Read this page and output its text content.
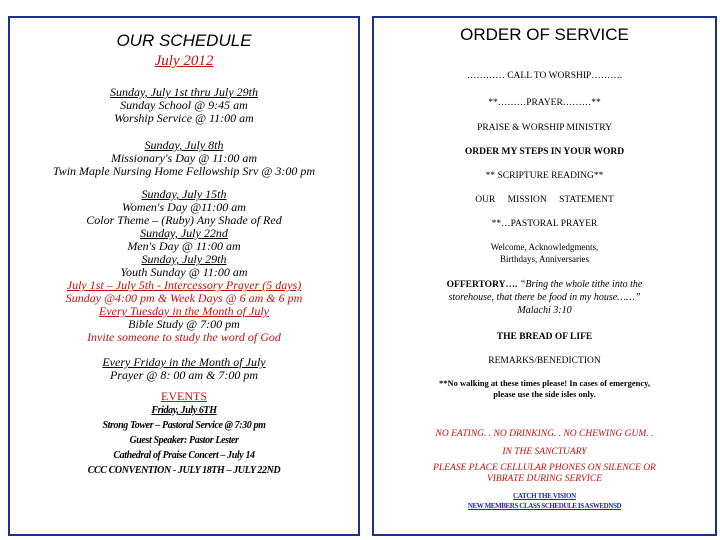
OUR SCHEDULE
July 2012
Sunday, July 1st thru July 29th
Sunday School @ 9:45 am
Worship Service @ 11:00 am
Sunday, July 8th
Missionary's Day @ 11:00 am
Twin Maple Nursing Home Fellowship Srv @ 3:00 pm
Sunday, July 15th
Women's Day @11:00 am
Color Theme – (Ruby) Any Shade of Red
Sunday, July 22nd
Men's Day @ 11:00 am
Sunday, July 29th
Youth Sunday @ 11:00 am
July 1st – July 5th - Intercessory Prayer (5 days)
Sunday @4:00 pm & Week Days @ 6 am & 6 pm
Every Tuesday in the Month of July
Bible Study @ 7:00 pm
Invite someone to study the word of God
Every Friday in the Month of July
Prayer @ 8: 00 am & 7:00 pm
EVENTS
Friday, July 6TH
Strong Tower – Pastoral Service @ 7:30 pm
Guest Speaker: Pastor Lester
Cathedral of Praise Concert – July 14
CCC CONVENTION - JULY 18TH – JULY 22ND
ORDER OF SERVICE
………… CALL TO WORSHIP……….
**………PRAYER………**
PRAISE & WORSHIP MINISTRY
ORDER MY STEPS IN YOUR WORD
** SCRIPTURE READING**
OUR MISSION STATEMENT
**…PASTORAL PRAYER
Welcome, Acknowledgments,
Birthdays, Anniversaries
OFFERTORY…. “Bring the whole tithe into the
storehouse, that there be food in my house……”
Malachi 3:10
THE BREAD OF LIFE
REMARKS/BENEDICTION
**No walking at these times please! In cases of emergency,
please use the side isles only.
NO EATING. . NO DRINKING. . NO CHEWING GUM. .
IN THE SANCTUARY
PLEASE PLACE CELLULAR PHONES ON SILENCE OR
VIBRATE DURING SERVICE
CATCH THE VISION
NEW MEMBERS CLASS SCHEDULE IS ASWEDNSD
